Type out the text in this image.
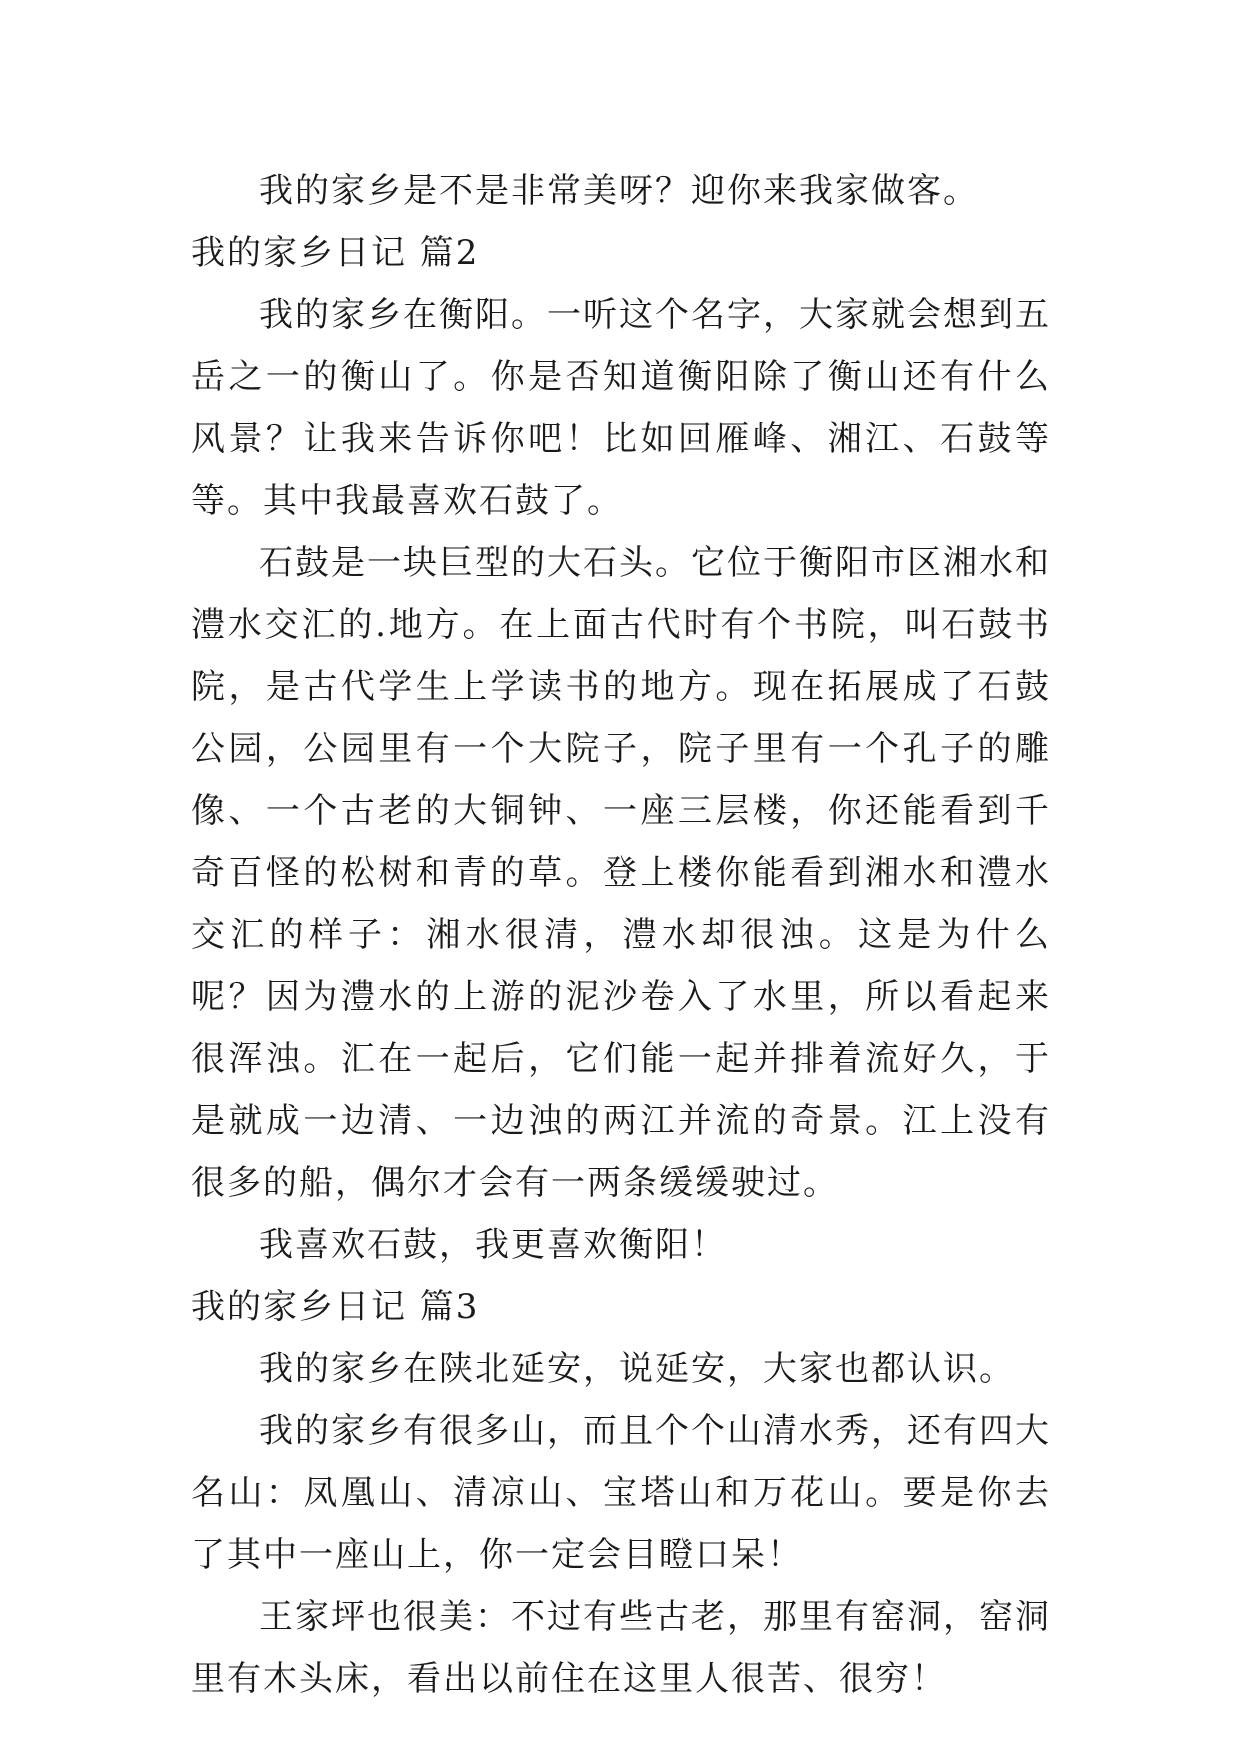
我的家乡是不是非常美呀？迎你来我家做客。

我的家乡日记 篇2

我的家乡在衡阳。一听这个名字，大家就会想到五岳之一的衡山了。你是否知道衡阳除了衡山还有什么风景？让我来告诉你吧！比如回雁峰、湘江、石鼓等等。其中我最喜欢石鼓了。

石鼓是一块巨型的大石头。它位于衡阳市区湘水和澧水交汇的.地方。在上面古代时有个书院，叫石鼓书院，是古代学生上学读书的地方。现在拓展成了石鼓公园，公园里有一个大院子，院子里有一个孔子的雕像、一个古老的大铜钟、一座三层楼，你还能看到千奇百怪的松树和青的草。登上楼你能看到湘水和澧水交汇的样子：湘水很清，澧水却很浊。这是为什么呢？因为澧水的上游的泥沙卷入了水里，所以看起来很浑浊。汇在一起后，它们能一起并排着流好久，于是就成一边清、一边浊的两江并流的奇景。江上没有很多的船，偶尔才会有一两条缓缓驶过。

我喜欢石鼓，我更喜欢衡阳！

我的家乡日记 篇3

我的家乡在陕北延安，说延安，大家也都认识。

我的家乡有很多山，而且个个山清水秀，还有四大名山：凤凰山、清凉山、宝塔山和万花山。要是你去了其中一座山上，你一定会目瞪口呆！

王家坪也很美：不过有些古老，那里有窑洞，窑洞里有木头床，看出以前住在这里人很苦、很穷！
